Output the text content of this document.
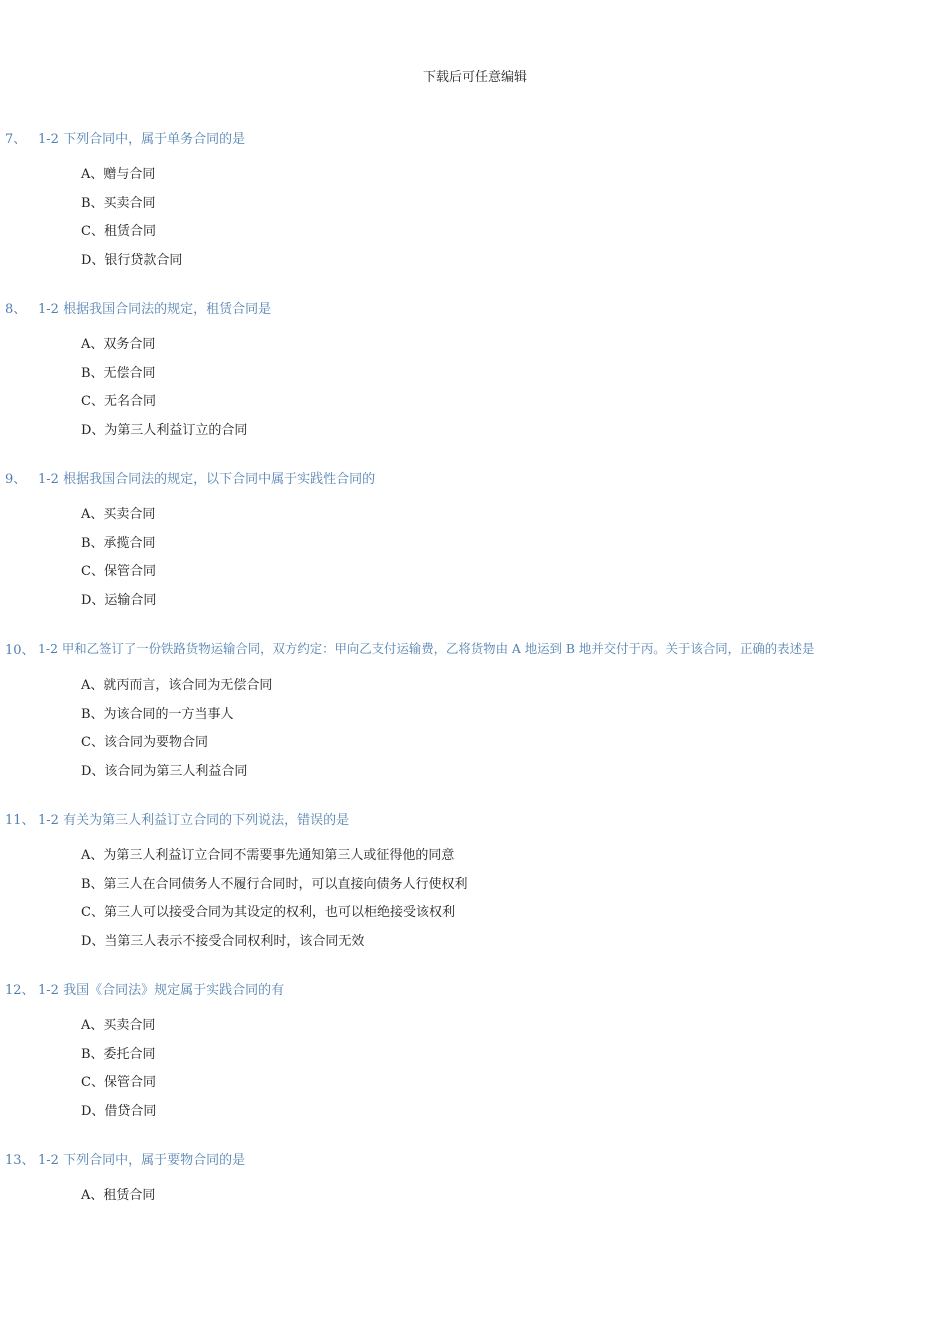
下载后可任意编辑
7、 1-2 下列合同中，属于单务合同的是
A、赠与合同
B、买卖合同
C、租赁合同
D、银行贷款合同
8、 1-2 根据我国合同法的规定，租赁合同是
A、双务合同
B、无偿合同
C、无名合同
D、为第三人利益订立的合同
9、 1-2 根据我国合同法的规定，以下合同中属于实践性合同的
A、买卖合同
B、承揽合同
C、保管合同
D、运输合同
10、 1-2 甲和乙签订了一份铁路货物运输合同，双方约定：甲向乙支付运输费，乙将货物由 A 地运到 B 地并交付于丙。关于该合同，正确的表述是
A、就丙而言，该合同为无偿合同
B、为该合同的一方当事人
C、该合同为要物合同
D、该合同为第三人利益合同
11、 1-2 有关为第三人利益订立合同的下列说法，错误的是
A、为第三人利益订立合同不需要事先通知第三人或征得他的同意
B、第三人在合同债务人不履行合同时，可以直接向债务人行使权利
C、第三人可以接受合同为其设定的权利，也可以柜绝接受该权利
D、当第三人表示不接受合同权利时，该合同无效
12、 1-2 我国《合同法》规定属于实践合同的有
A、买卖合同
B、委托合同
C、保管合同
D、借贷合同
13、 1-2 下列合同中，属于要物合同的是
A、租赁合同
